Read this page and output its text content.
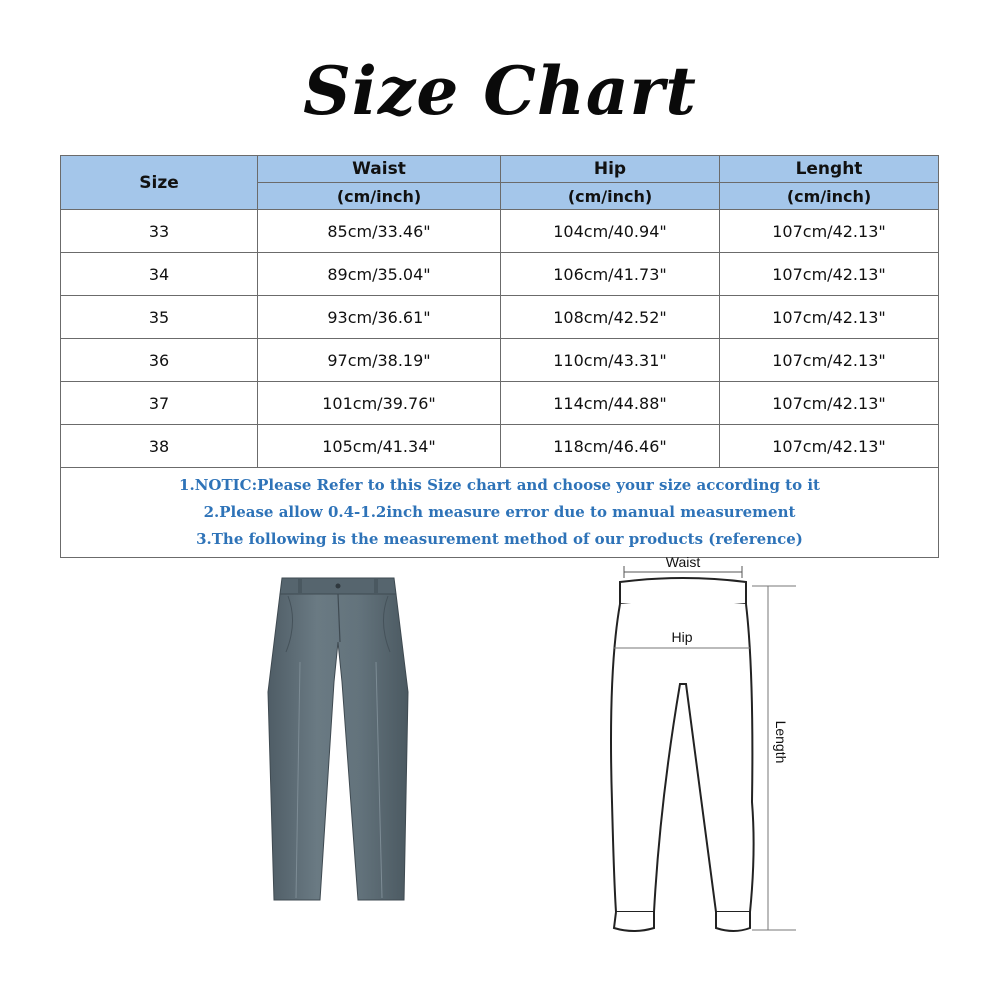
Size Chart
Size	Waist	Hip	Lenght
	(cm/inch)	(cm/inch)	(cm/inch)
33	85cm/33.46"	104cm/40.94"	107cm/42.13"
34	89cm/35.04"	106cm/41.73"	107cm/42.13"
35	93cm/36.61"	108cm/42.52"	107cm/42.13"
36	97cm/38.19"	110cm/43.31"	107cm/42.13"
37	101cm/39.76"	114cm/44.88"	107cm/42.13"
38	105cm/41.34"	118cm/46.46"	107cm/42.13"

1.NOTIC:Please Refer to this Size chart and choose your size according to it
2.Please allow 0.4-1.2inch measure error due to manual measurement
3.The following is the measurement method of our products (reference)			
Waist
Hip
Length
